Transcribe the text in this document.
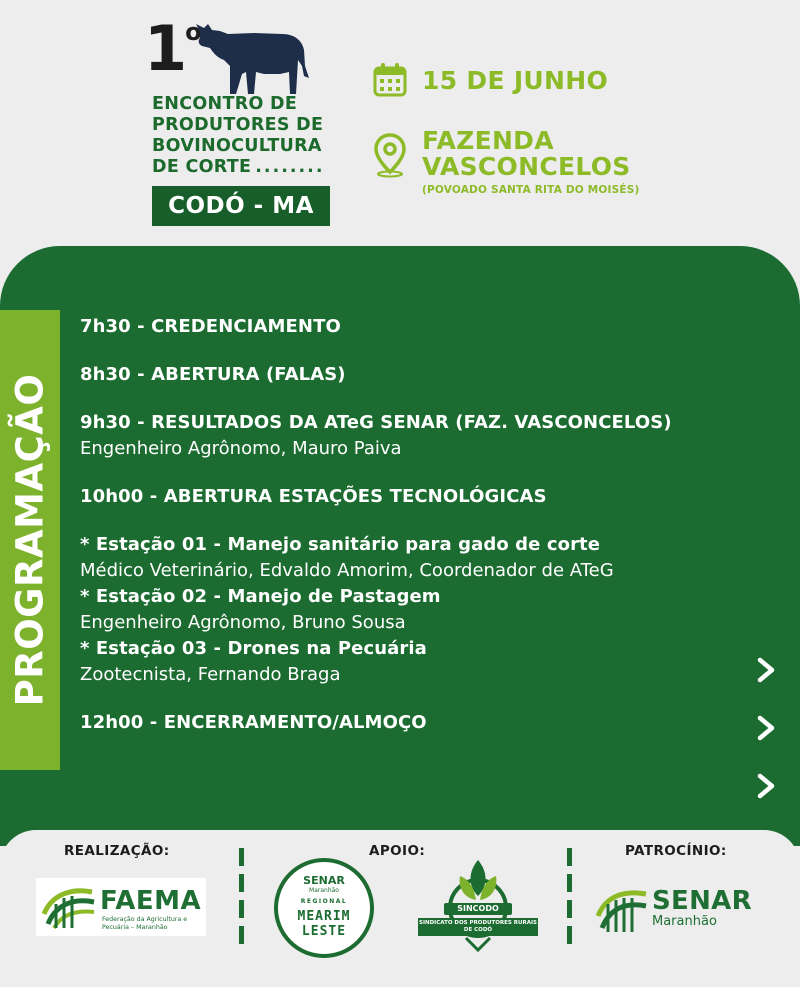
1$^o$
ENCONTRO DE
PRODUTORES DE
BOVINOCULTURA
DE CORTE ........
CODÓ - MA
15 DE JUNHO
FAZENDA
VASCONCELOS
(POVOADO SANTA RITA DO MOISÉS)
PROGRAMAÇÃO
7h30 - CREDENCIAMENTO
8h30 - ABERTURA (FALAS)
9h30 - RESULTADOS DA ATeG SENAR (FAZ. VASCONCELOS)
Engenheiro Agrônomo, Mauro Paiva
10h00 - ABERTURA ESTAÇÕES TECNOLÓGICAS
* Estação 01 - Manejo sanitário para gado de corte
Médico Veterinário, Edvaldo Amorim, Coordenador de ATeG
* Estação 02 - Manejo de Pastagem
Engenheiro Agrônomo, Bruno Sousa
* Estação 03 - Drones na Pecuária
Zootecnista, Fernando Braga
12h00 - ENCERRAMENTO/ALMOÇO
REALIZAÇÃO:	APOIO:	PATROCÍNIO:
FAEMA
Federação da Agricultura e Pecuária – Maranhão
SENAR
Maranhão
REGIONAL
MEARIM
LESTE
SINCODO
SINDICATO DOS PRODUTORES RURAIS DE CODÓ
SENAR
Maranhão
